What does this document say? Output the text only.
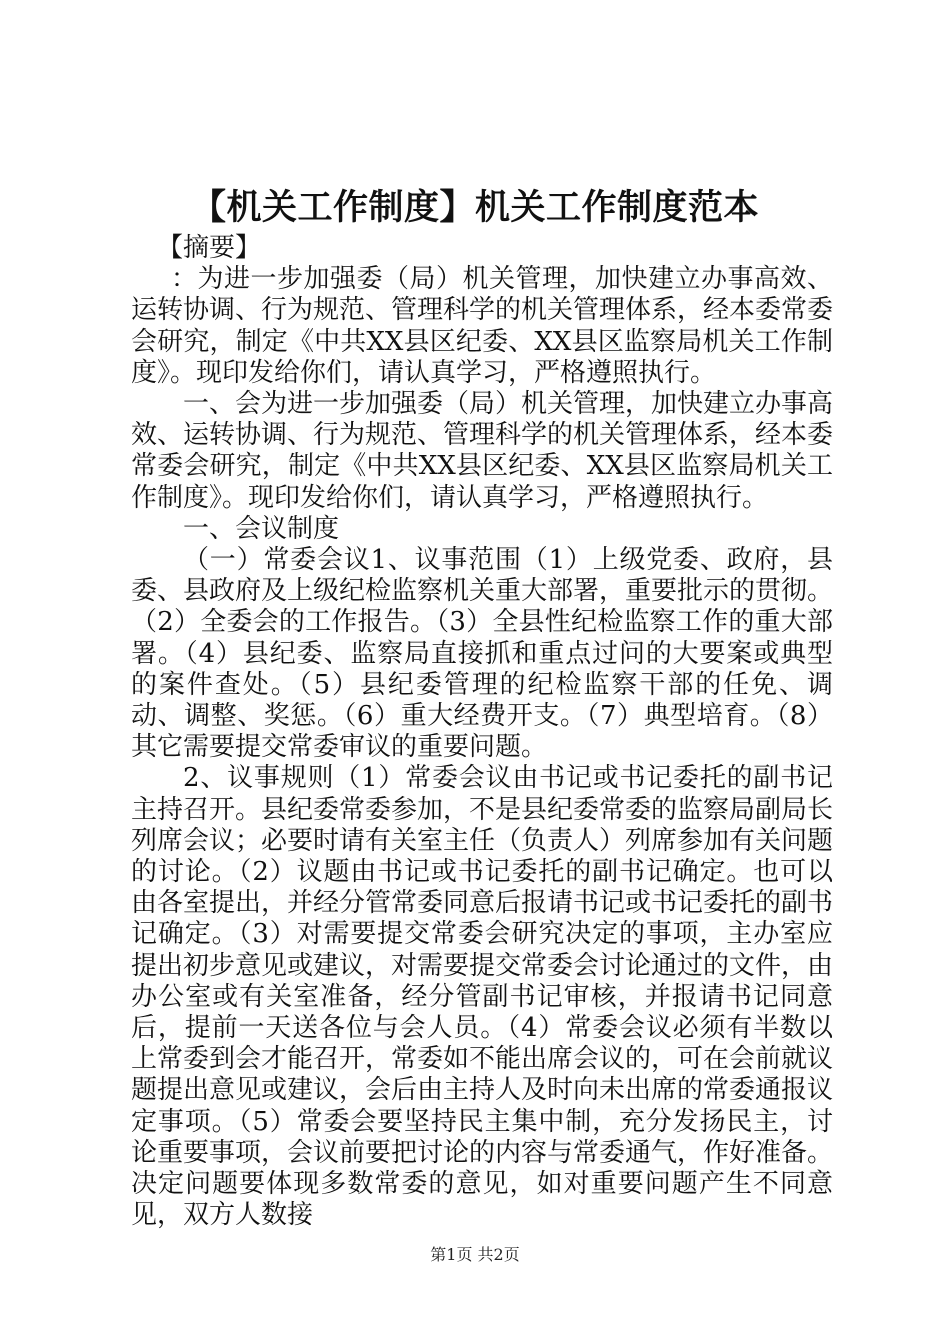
【机关工作制度】机关工作制度范本

【摘要】

：为进一步加强委（局）机关管理，加快建立办事高效、运转协调、行为规范、管理科学的机关管理体系，经本委常委会研究，制定《中共XX县区纪委、XX县区监察局机关工作制度》。现印发给你们，请认真学习，严格遵照执行。

一、会为进一步加强委（局）机关管理，加快建立办事高效、运转协调、行为规范、管理科学的机关管理体系，经本委常委会研究，制定《中共XX县区纪委、XX县区监察局机关工作制度》。现印发给你们，请认真学习，严格遵照执行。

一、会议制度

（一）常委会议1、议事范围（1）上级党委、政府，县委、县政府及上级纪检监察机关重大部署，重要批示的贯彻。（2）全委会的工作报告。（3）全县性纪检监察工作的重大部署。（4）县纪委、监察局直接抓和重点过问的大要案或典型的案件查处。（5）县纪委管理的纪检监察干部的任免、调动、调整、奖惩。（6）重大经费开支。（7）典型培育。（8）其它需要提交常委审议的重要问题。

2、议事规则（1）常委会议由书记或书记委托的副书记主持召开。县纪委常委参加，不是县纪委常委的监察局副局长列席会议；必要时请有关室主任（负责人）列席参加有关问题的讨论。（2）议题由书记或书记委托的副书记确定。也可以由各室提出，并经分管常委同意后报请书记或书记委托的副书记确定。（3）对需要提交常委会研究决定的事项，主办室应提出初步意见或建议，对需要提交常委会讨论通过的文件，由办公室或有关室准备，经分管副书记审核，并报请书记同意后，提前一天送各位与会人员。（4）常委会议必须有半数以上常委到会才能召开，常委如不能出席会议的，可在会前就议题提出意见或建议，会后由主持人及时向未出席的常委通报议定事项。（5）常委会要坚持民主集中制，充分发扬民主，讨论重要事项，会议前要把讨论的内容与常委通气，作好准备。决定问题要体现多数常委的意见，如对重要问题产生不同意见，双方人数接

第1页 共2页
